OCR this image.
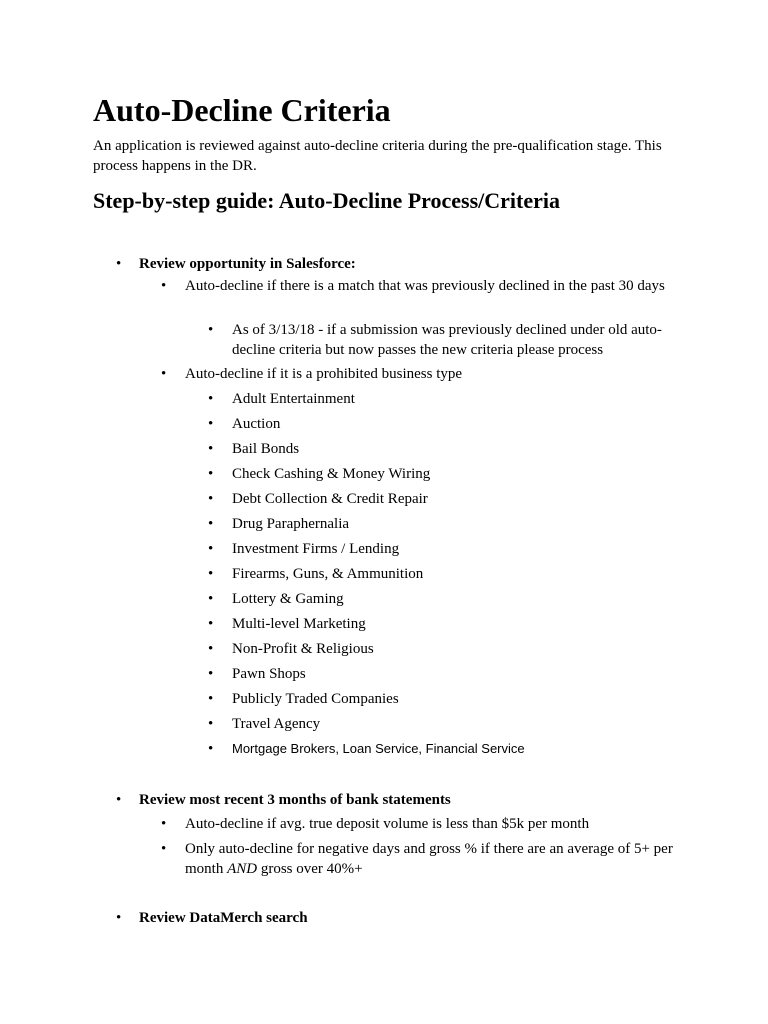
Auto-Decline Criteria

An application is reviewed against auto-decline criteria during the pre-qualification stage. This process happens in the DR.

Step-by-step guide: Auto-Decline Process/Criteria
• Review opportunity in Salesforce:
• Auto-decline if there is a match that was previously declined in the past 30 days
• As of 3/13/18 - if a submission was previously declined under old auto-decline criteria but now passes the new criteria please process
• Auto-decline if it is a prohibited business type
• Adult Entertainment
• Auction
• Bail Bonds
• Check Cashing & Money Wiring
• Debt Collection & Credit Repair
• Drug Paraphernalia
• Investment Firms / Lending
• Firearms, Guns, & Ammunition
• Lottery & Gaming
• Multi-level Marketing
• Non-Profit & Religious
• Pawn Shops
• Publicly Traded Companies
• Travel Agency
• Mortgage Brokers, Loan Service, Financial Service
• Review most recent 3 months of bank statements
• Auto-decline if avg. true deposit volume is less than $5k per month
• Only auto-decline for negative days and gross % if there are an average of 5+ per month AND gross over 40%+
• Review DataMerch search
